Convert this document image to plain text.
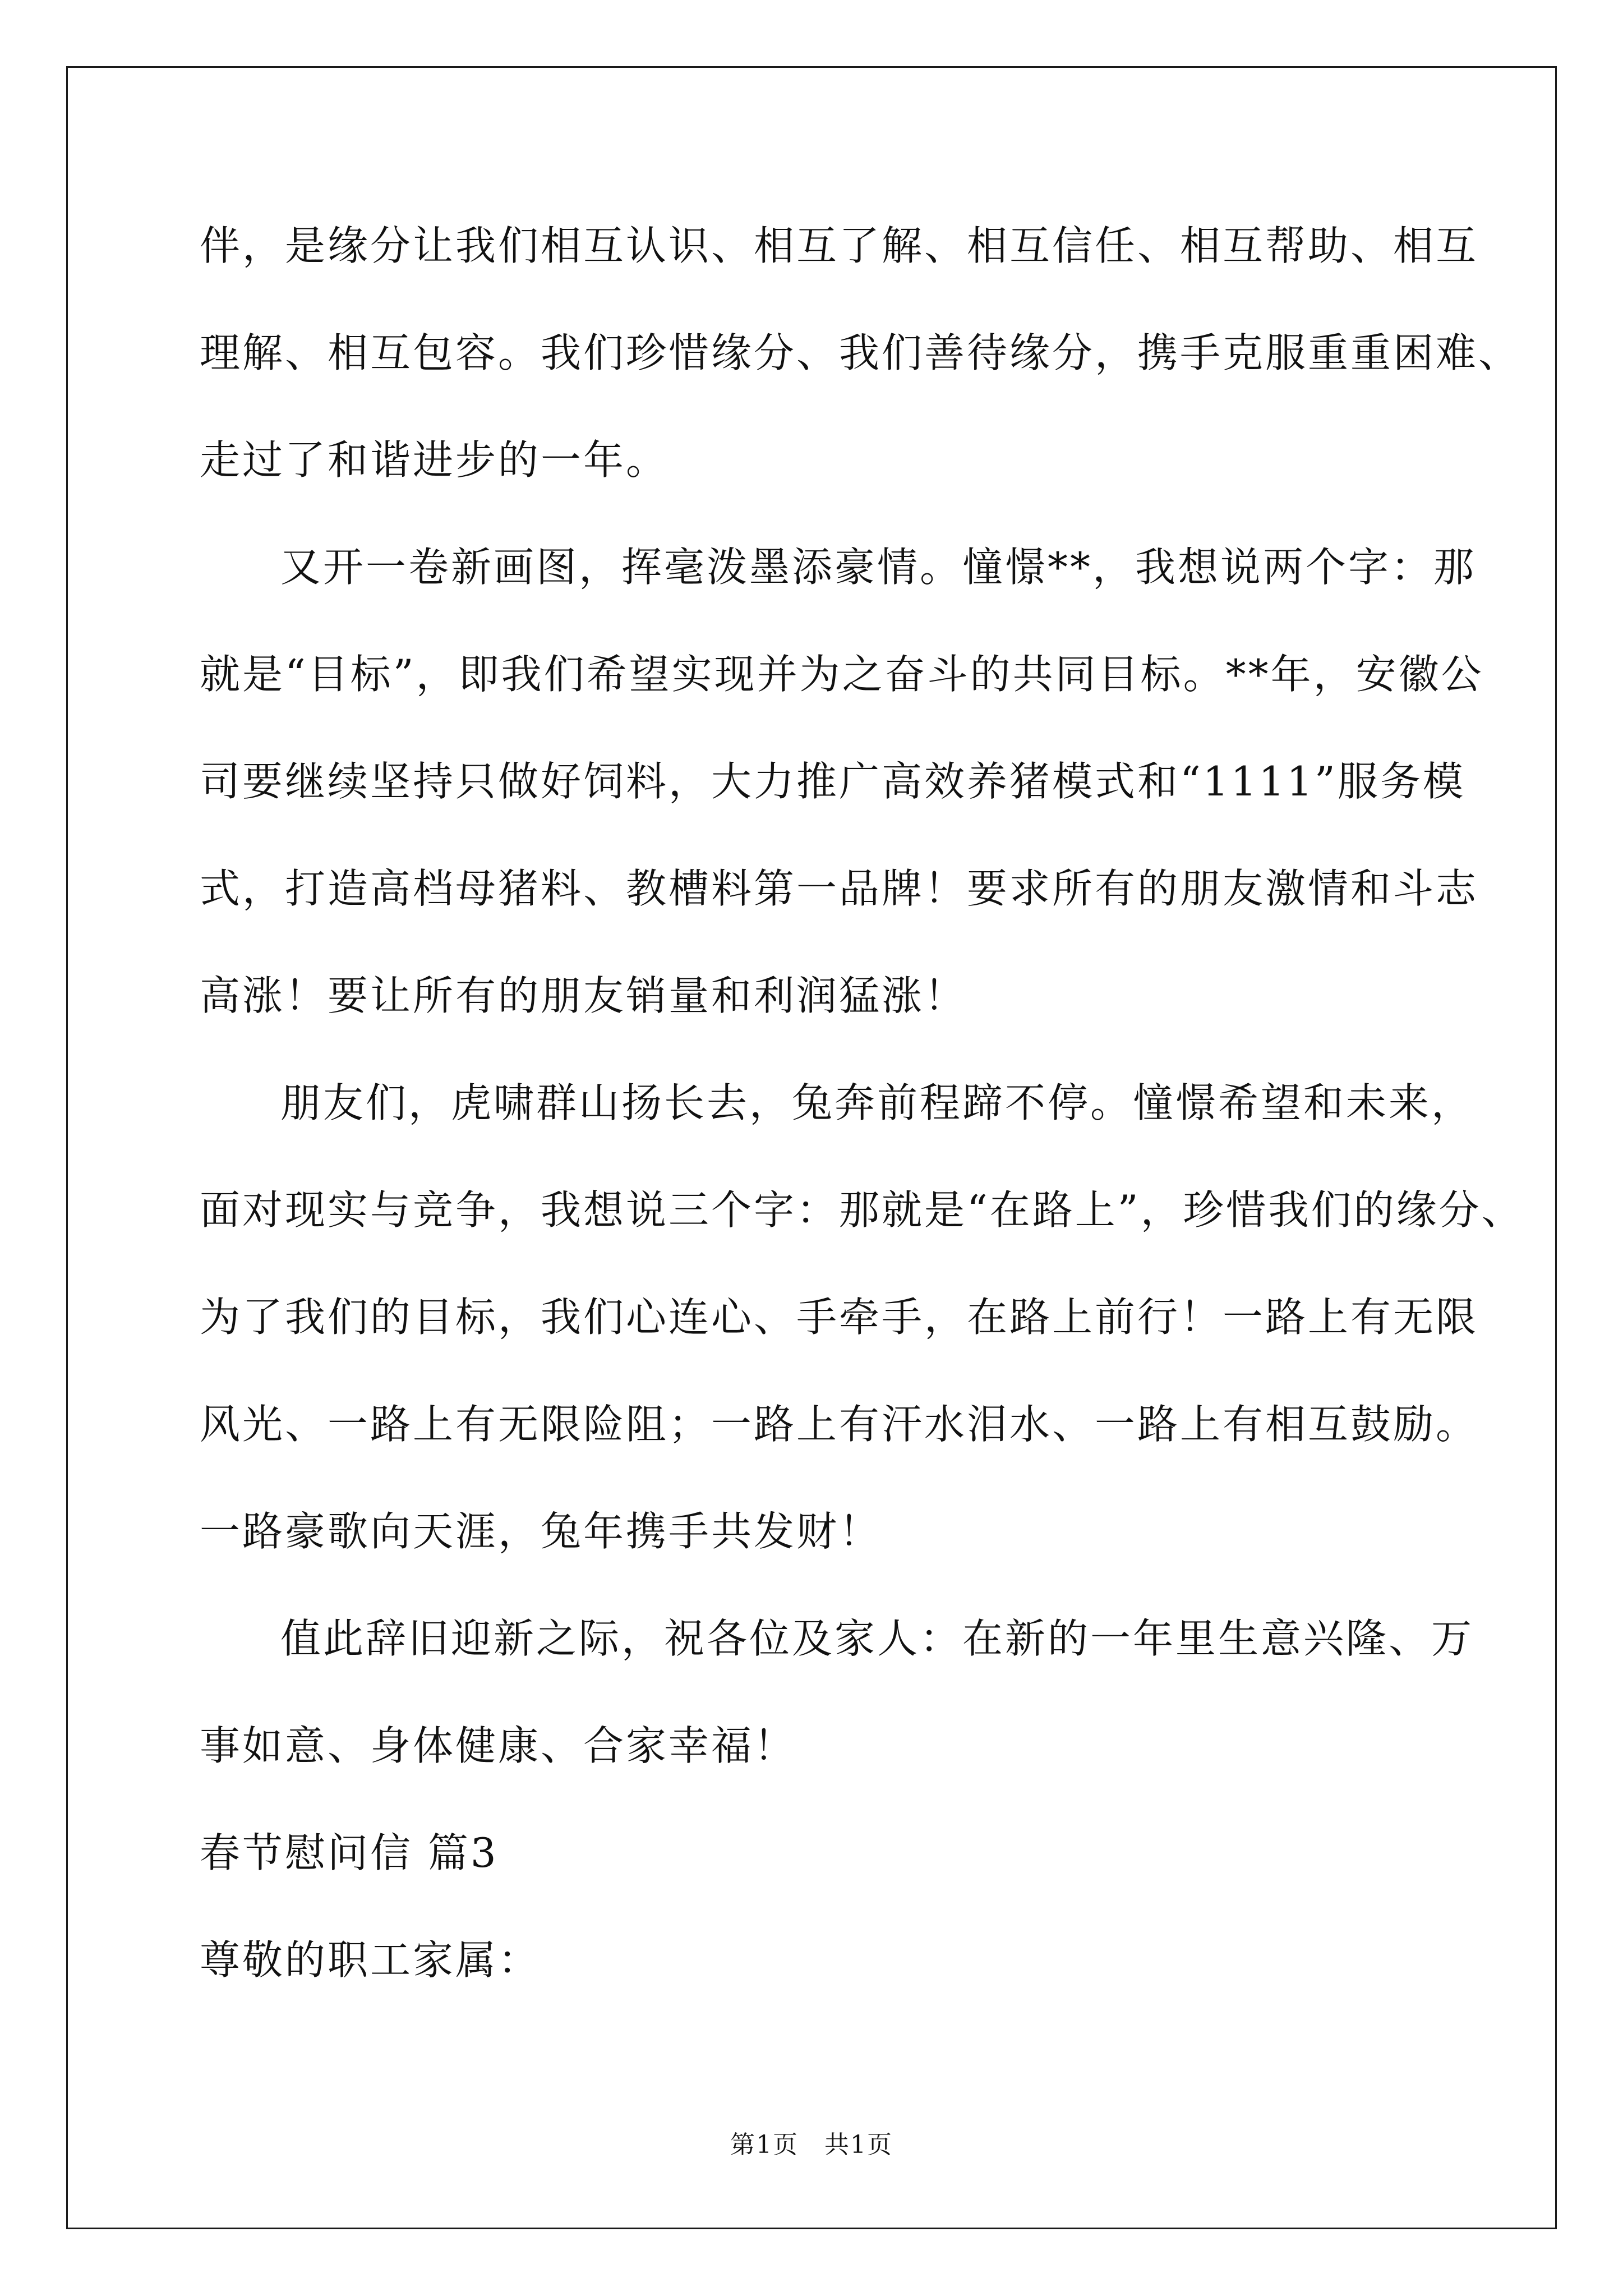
伴，是缘分让我们相互认识、相互了解、相互信任、相互帮助、相互
理解、相互包容。我们珍惜缘分、我们善待缘分，携手克服重重困难、
走过了和谐进步的一年。
又开一卷新画图，挥毫泼墨添豪情。憧憬**，我想说两个字：那
就是“目标”，即我们希望实现并为之奋斗的共同目标。**年，安徽公
司要继续坚持只做好饲料，大力推广高效养猪模式和“1111”服务模
式，打造高档母猪料、教槽料第一品牌！要求所有的朋友激情和斗志
高涨！要让所有的朋友销量和利润猛涨！
朋友们，虎啸群山扬长去，兔奔前程蹄不停。憧憬希望和未来，
面对现实与竞争，我想说三个字：那就是“在路上”，珍惜我们的缘分、
为了我们的目标，我们心连心、手牵手，在路上前行！一路上有无限
风光、一路上有无限险阻；一路上有汗水泪水、一路上有相互鼓励。
一路豪歌向天涯，兔年携手共发财！
值此辞旧迎新之际，祝各位及家人：在新的一年里生意兴隆、万
事如意、身体健康、合家幸福！
春节慰问信 篇3
尊敬的职工家属：
第1页　共1页
